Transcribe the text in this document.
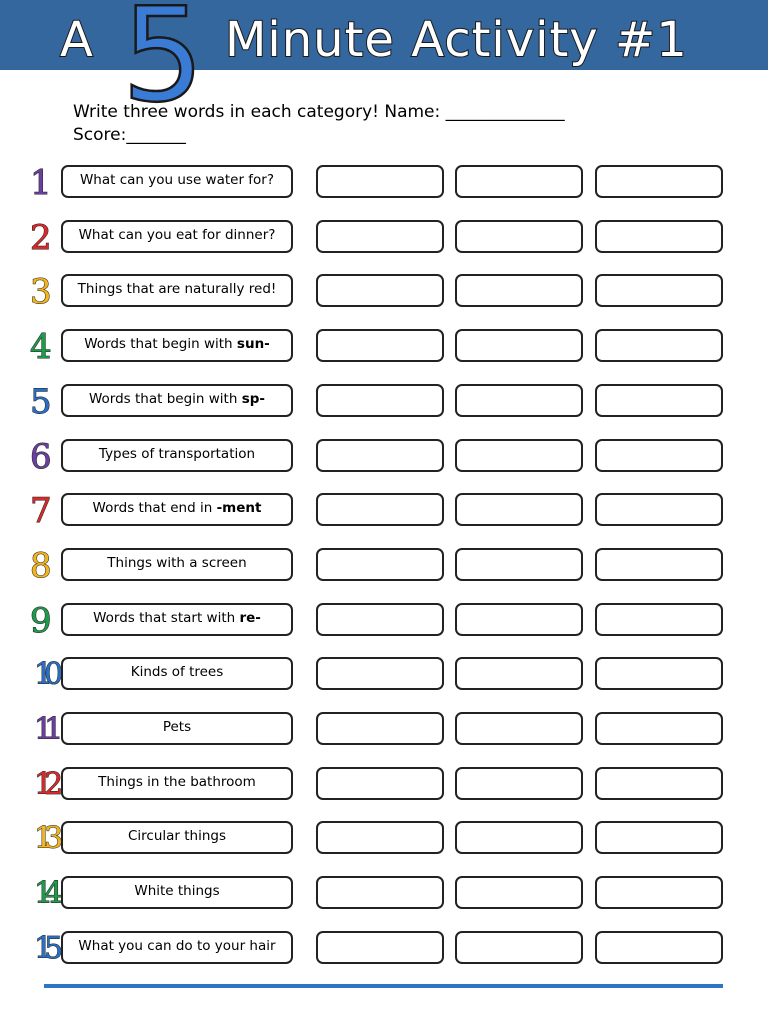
A 5 Minute Activity #1
Write three words in each category! Name: ______________
Score:_______
1	What can you use water for?
2	What can you eat for dinner?
3	Things that are naturally red!
4	Words that begin with sun-
5	Words that begin with sp-
6	Types of transportation
7	Words that end in -ment
8	Things with a screen
9	Words that start with re-
10	Kinds of trees
11	Pets
12	Things in the bathroom
13	Circular things
14	White things
15	What you can do to your hair
